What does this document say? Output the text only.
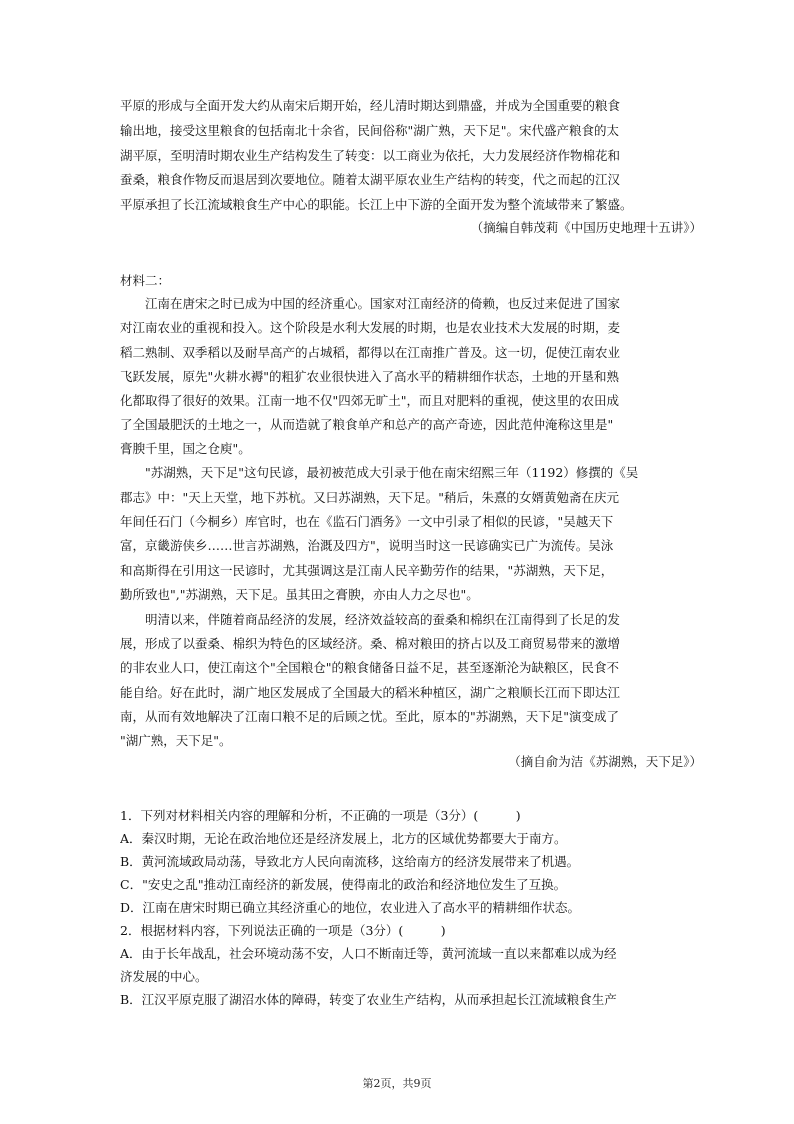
平原的形成与全面开发大约从南宋后期开始，经儿清时期达到鼎盛，并成为全国重要的粮食
输出地，接受这里粮食的包括南北十余省，民间俗称"湖广熟，天下足"。宋代盛产粮食的太
湖平原，至明清时期农业生产结构发生了转变：以工商业为依托，大力发展经济作物棉花和
蚕桑，粮食作物反而退居到次要地位。随着太湖平原农业生产结构的转变，代之而起的江汉
平原承担了长江流域粮食生产中心的职能。长江上中下游的全面开发为整个流域带来了繁盛。
（摘编自韩茂莉《中国历史地理十五讲》）
材料二：
江南在唐宋之时已成为中国的经济重心。国家对江南经济的倚赖，也反过来促进了国家
对江南农业的重视和投入。这个阶段是水利大发展的时期，也是农业技术大发展的时期，麦
稻二熟制、双季稻以及耐旱高产的占城稻，都得以在江南推广普及。这一切，促使江南农业
飞跃发展，原先"火耕水褥"的粗犷农业很快进入了高水平的精耕细作状态，土地的开垦和熟
化都取得了很好的效果。江南一地不仅"四郊无旷土"，而且对肥料的重视，使这里的农田成
了全国最肥沃的土地之一，从而造就了粮食单产和总产的高产奇迹，因此范仲淹称这里是"
膏腴千里，国之仓庾"。
"苏湖熟，天下足"这句民谚，最初被范成大引录于他在南宋绍熙三年（1192）修撰的《吴
郡志》中："天上天堂，地下苏杭。又曰苏湖熟，天下足。"稍后，朱熹的女婿黄勉斋在庆元
年间任石门（今桐乡）库官时，也在《监石门酒务》一文中引录了相似的民谚，"吴越天下
富，京畿游侠乡……世言苏湖熟，治溉及四方"，说明当时这一民谚确实已广为流传。吴泳
和高斯得在引用这一民谚时，尤其强调这是江南人民辛勤劳作的结果，"苏湖熟，天下足，
勤所致也","苏湖熟，天下足。虽其田之膏腴，亦由人力之尽也"。
明清以来，伴随着商品经济的发展，经济效益较高的蚕桑和棉织在江南得到了长足的发
展，形成了以蚕桑、棉织为特色的区域经济。桑、棉对粮田的挤占以及工商贸易带来的激增
的非农业人口，使江南这个"全国粮仓"的粮食储备日益不足，甚至逐渐沦为缺粮区，民食不
能自给。好在此时，湖广地区发展成了全国最大的稻米种植区，湖广之粮顺长江而下即达江
南，从而有效地解决了江南口粮不足的后顾之忧。至此，原本的"苏湖熟，天下足"演变成了
"湖广熟，天下足"。
（摘自俞为洁《苏湖熟，天下足》）
1．下列对材料相关内容的理解和分析，不正确的一项是（3分）(　　　)
A．秦汉时期，无论在政治地位还是经济发展上，北方的区域优势都要大于南方。
B．黄河流域政局动荡，导致北方人民向南流移，这给南方的经济发展带来了机遇。
C．"安史之乱"推动江南经济的新发展，使得南北的政治和经济地位发生了互换。
D．江南在唐宋时期已确立其经济重心的地位，农业进入了高水平的精耕细作状态。
2．根据材料内容，下列说法正确的一项是（3分）(　　　)
A．由于长年战乱，社会环境动荡不安，人口不断南迁等，黄河流域一直以来都难以成为经
济发展的中心。
B．江汉平原克服了湖沼水体的障碍，转变了农业生产结构，从而承担起长江流域粮食生产
第2页，共9页
